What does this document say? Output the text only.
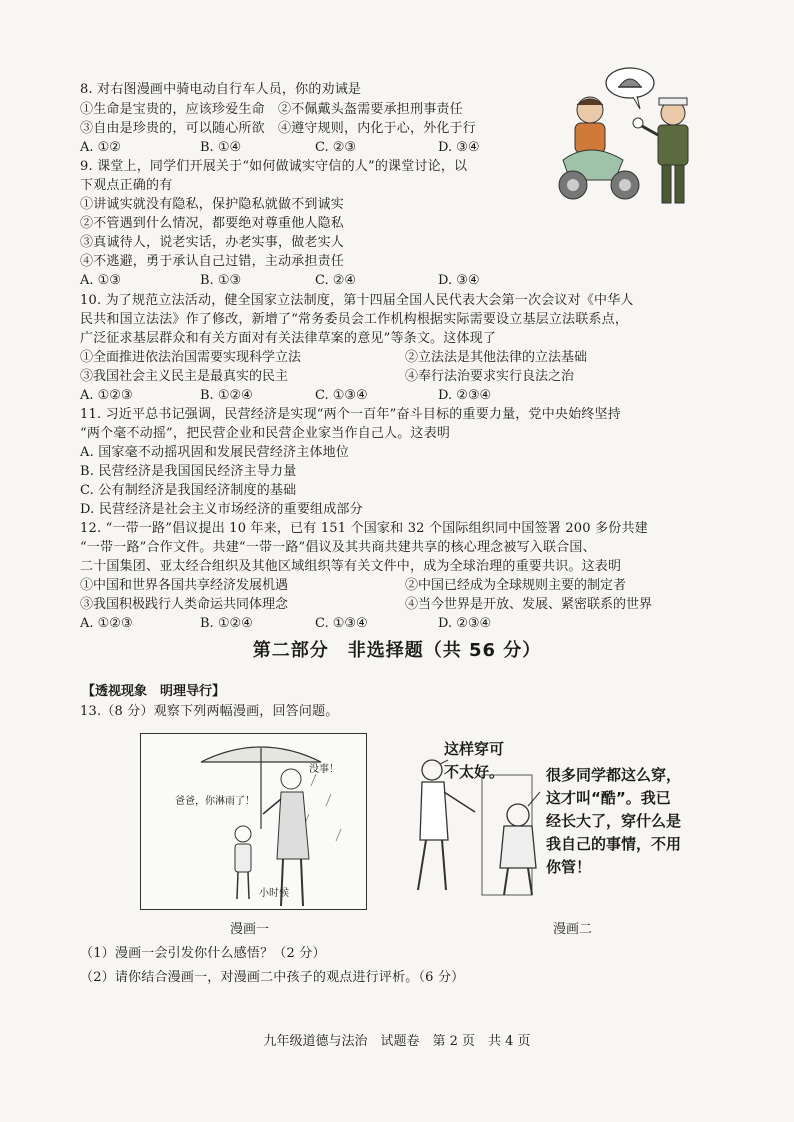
8. 对右图漫画中骑电动自行车人员，你的劝诫是
①生命是宝贵的，应该珍爱生命　②不佩戴头盔需要承担刑事责任
③自由是珍贵的，可以随心所欲　④遵守规则，内化于心，外化于行
A. ①②	B. ①④	C. ②③	D. ③④
9. 课堂上，同学们开展关于“如何做诚实守信的人”的课堂讨论，以
下观点正确的有
①讲诚实就没有隐私，保护隐私就做不到诚实
②不管遇到什么情况，都要绝对尊重他人隐私
③真诚待人，说老实话，办老实事，做老实人
④不逃避，勇于承认自己过错，主动承担责任
A. ①③	B. ①③	C. ②④	D. ③④
10. 为了规范立法活动，健全国家立法制度，第十四届全国人民代表大会第一次会议对《中华人
民共和国立法法》作了修改，新增了“常务委员会工作机构根据实际需要设立基层立法联系点，
广泛征求基层群众和有关方面对有关法律草案的意见”等条文。这体现了
①全面推进依法治国需要实现科学立法	②立法法是其他法律的立法基础
③我国社会主义民主是最真实的民主	④奉行法治要求实行良法之治
A. ①②③	B. ①②④	C. ①③④	D. ②③④
11. 习近平总书记强调，民营经济是实现“两个一百年”奋斗目标的重要力量，党中央始终坚持
“两个毫不动摇”，把民营企业和民营企业家当作自己人。这表明
A. 国家毫不动摇巩固和发展民营经济主体地位
B. 民营经济是我国国民经济主导力量
C. 公有制经济是我国经济制度的基础
D. 民营经济是社会主义市场经济的重要组成部分
12. “一带一路”倡议提出 10 年来，已有 151 个国家和 32 个国际组织同中国签署 200 多份共建
“一带一路”合作文件。共建“一带一路”倡议及其共商共建共享的核心理念被写入联合国、
二十国集团、亚太经合组织及其他区域组织等有关文件中，成为全球治理的重要共识。这表明
①中国和世界各国共享经济发展机遇	②中国已经成为全球规则主要的制定者
③我国积极践行人类命运共同体理念	④当今世界是开放、发展、紧密联系的世界
A. ①②③	B. ①②④	C. ①③④	D. ②③④
第二部分　非选择题（共 56 分）
【透视现象　明理导行】
13.（8 分）观察下列两幅漫画，回答问题。
爸爸，你淋雨了！
没事！
小时候
漫画一
这样穿可
不太好。	很多同学都这么穿，
这才叫“酷”。我已
经长大了，穿什么是
我自己的事情，不用
你管！
漫画二
（1）漫画一会引发你什么感悟？（2 分）
（2）请你结合漫画一，对漫画二中孩子的观点进行评析。（6 分）
九年级道德与法治　试题卷　第 2 页　共 4 页
